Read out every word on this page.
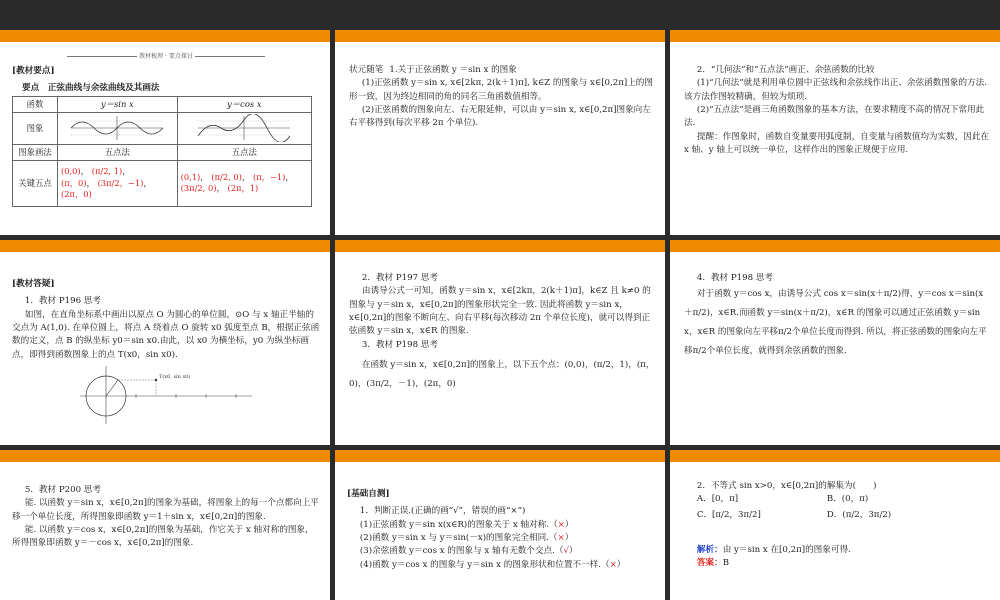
教材梳理 · 要点探讨
[教材要点]
要点　正弦曲线与余弦曲线及其画法
函数	y＝sin x	y＝cos x
图象	

图象画法	五点法	五点法
关键五点	(0,0)， (π/2, 1)，
(π，0)， (3π/2，−1)，
(2π，0)	(0,1)， (π/2, 0)， (π，−1)，
(3π/2, 0)， (2π，1)

状元随笔 1.关于正弦函数 y ＝sin x 的图象

(1)正弦函数 y＝sin x, x∈[2kπ, 2(k＋1)π], k∈Z 的图象与 x∈[0,2π]上的图形一致，因为终边相同的角的同名三角函数值相等。

(2)正弦函数的图象向左、右无限延伸，可以由 y＝sin x, x∈[0,2π]图象向左右平移得到(每次平移 2π 个单位).

2．“几何法”和“五点法”画正、余弦函数的比较

(1)“几何法”就是利用单位圆中正弦线和余弦线作出正、余弦函数图象的方法. 该方法作图较精确，但较为烦琐.

(2)“五点法”是画三角函数图象的基本方法，在要求精度不高的情况下常用此法.

提醒：作图象时，函数自变量要用弧度制，自变量与函数值均为实数，因此在 x 轴、y 轴上可以统一单位，这样作出的图象正规便于应用.

[教材答疑]

1．教材 P196 思考

如图，在直角坐标系中画出以原点 O 为圆心的单位圆，⊙O 与 x 轴正半轴的交点为 A(1,0). 在单位圆上，将点 A 绕着点 O 旋转 x0 弧度至点 B，根据正弦函数的定义，点 B 的纵坐标 y0＝sin x0.由此，以 x0 为横坐标，y0 为纵坐标画点，即得到函数图象上的点 T(x0，sin x0).

T(x0, sin x0)

2．教材 P197 思考

由诱导公式一可知，函数 y＝sin x，x∈[2kπ，2(k＋1)π]，k∈Z 且 k≠0 的图象与 y＝sin x，x∈[0,2π]的图象形状完全一致. 因此将函数 y＝sin x，x∈[0,2π]的图象不断向左、向右平移(每次移动 2π 个单位长度)，就可以得到正弦函数 y＝sin x，x∈R 的图象.

3．教材 P198 思考

在函数 y＝sin x，x∈[0,2π]的图象上，以下五个点：(0,0)，(π/2，1)，(π，0)，(3π/2，－1)，(2π，0)

4．教材 P198 思考

对于函数 y＝cos x，由诱导公式 cos x＝sin(x＋π/2)得，y＝cos x＝sin(x＋π/2)，x∈R.而函数 y＝sin(x＋π/2)，x∈R 的图象可以通过正弦函数 y＝sin x，x∈R 的图象向左平移π/2个单位长度而得到. 所以，将正弦函数的图象向左平移π/2个单位长度，就得到余弦函数的图象.

5．教材 P200 思考

能. 以函数 y＝sin x，x∈[0,2π]的图象为基础，将图象上的每一个点都向上平移一个单位长度，所得图象即函数 y＝1＋sin x，x∈[0,2π]的图象.

能. 以函数 y＝cos x，x∈[0,2π]的图象为基础，作它关于 x 轴对称的图象，所得图象即函数 y＝－cos x，x∈[0,2π]的图象.

[基础自测]

1．判断正误.(正确的画“√”，错误的画“×”)

(1)正弦函数 y＝sin x(x∈R)的图象关于 x 轴对称.（×）

(2)函数 y＝sin x 与 y＝sin(－x)的图象完全相同.（×）

(3)余弦函数 y＝cos x 的图象与 x 轴有无数个交点.（√）

(4)函数 y＝cos x 的图象与 y＝sin x 的图象形状和位置不一样.（×）

2．不等式 sin x>0，x∈[0,2π]的解集为(　　)

A．[0，π]	B．(0，π)
C．[π/2，3π/2]	D．(π/2，3π/2)

解析：由 y＝sin x 在[0,2π]的图象可得.

答案：B
